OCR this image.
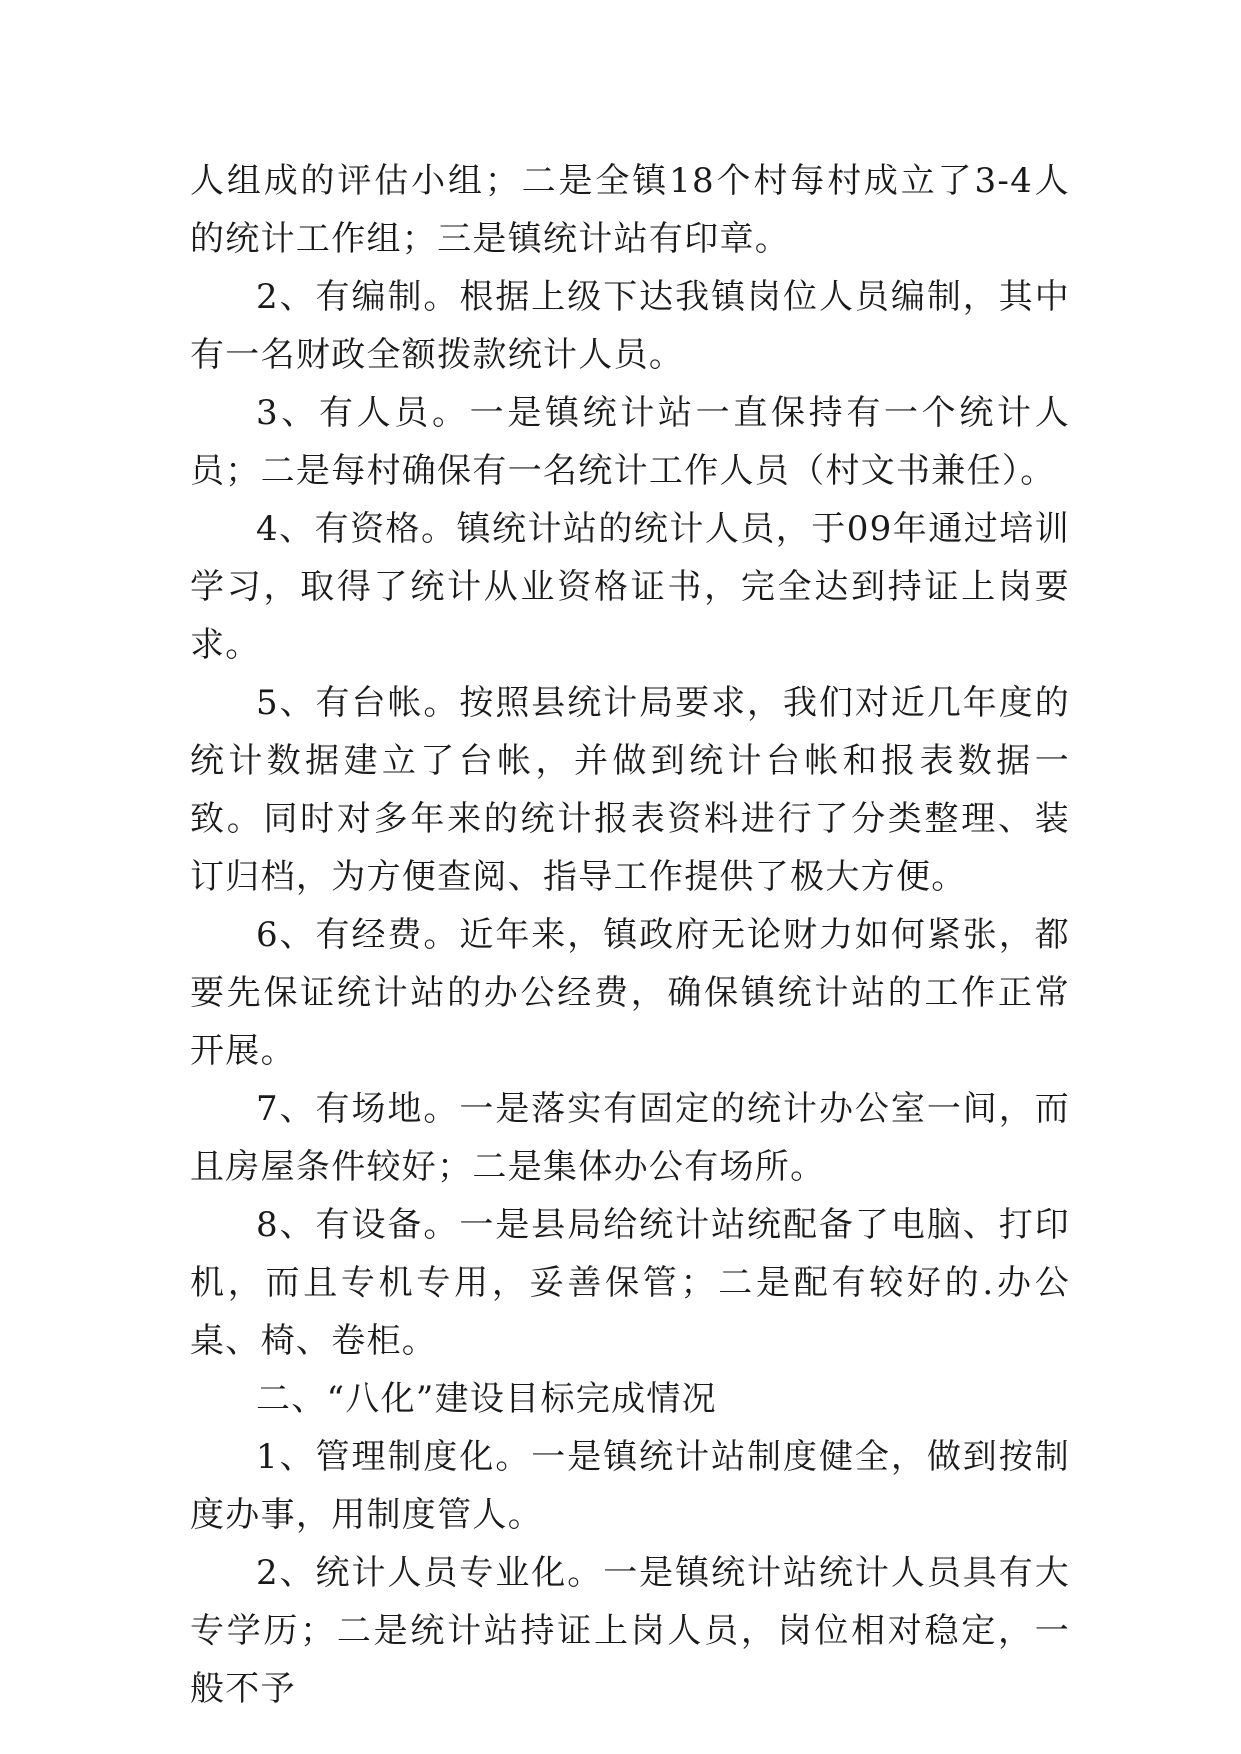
人组成的评估小组；二是全镇18个村每村成立了3-4人的统计工作组；三是镇统计站有印章。

2、有编制。根据上级下达我镇岗位人员编制，其中有一名财政全额拨款统计人员。

3、有人员。一是镇统计站一直保持有一个统计人员；二是每村确保有一名统计工作人员（村文书兼任）。

4、有资格。镇统计站的统计人员，于09年通过培训学习，取得了统计从业资格证书，完全达到持证上岗要求。

5、有台帐。按照县统计局要求，我们对近几年度的统计数据建立了台帐，并做到统计台帐和报表数据一致。同时对多年来的统计报表资料进行了分类整理、装订归档，为方便查阅、指导工作提供了极大方便。

6、有经费。近年来，镇政府无论财力如何紧张，都要先保证统计站的办公经费，确保镇统计站的工作正常开展。

7、有场地。一是落实有固定的统计办公室一间，而且房屋条件较好；二是集体办公有场所。

8、有设备。一是县局给统计站统配备了电脑、打印机，而且专机专用，妥善保管；二是配有较好的.办公桌、椅、卷柜。

二、“八化”建设目标完成情况

1、管理制度化。一是镇统计站制度健全，做到按制度办事，用制度管人。

2、统计人员专业化。一是镇统计站统计人员具有大专学历；二是统计站持证上岗人员，岗位相对稳定，一般不予
